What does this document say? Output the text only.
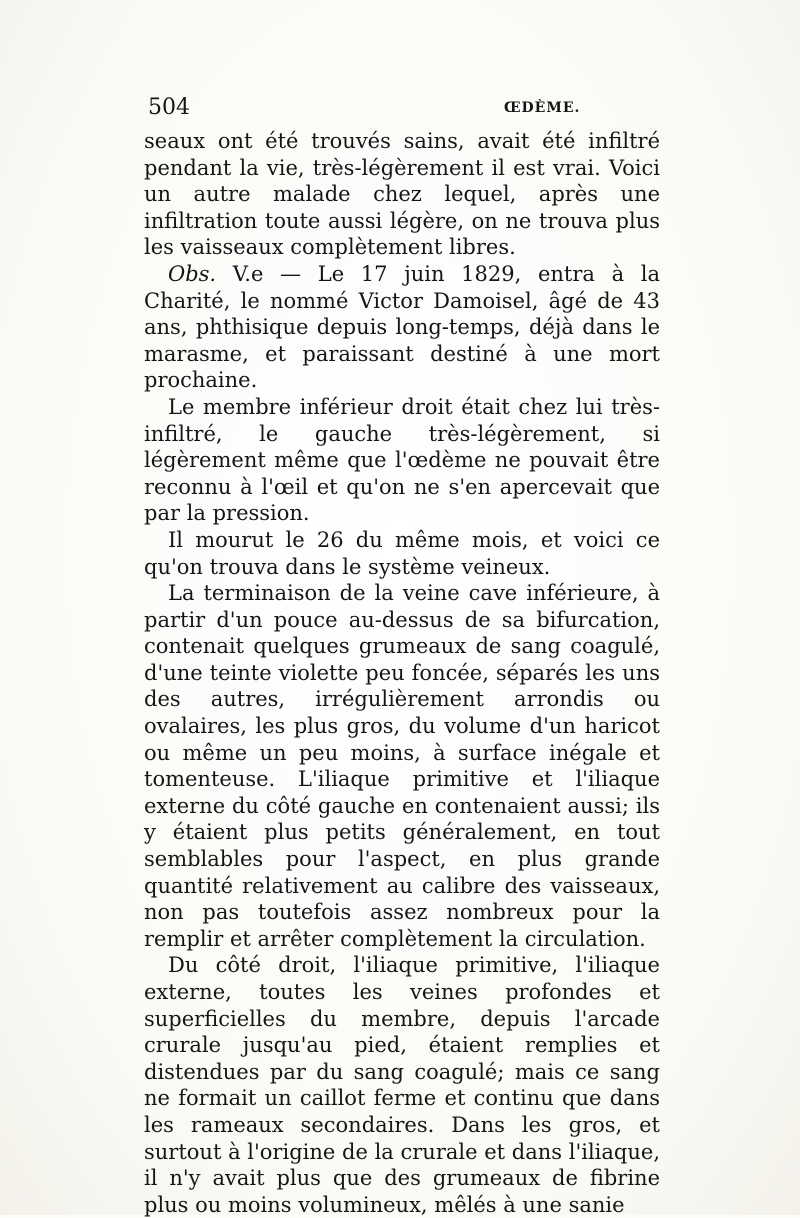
504	ŒDÈME.

seaux ont été trouvés sains, avait été infiltré pendant la vie, très-légèrement il est vrai. Voici un autre malade chez lequel, après une infiltration toute aussi légère, on ne trouva plus les vaisseaux complètement libres.

Obs. V.e — Le 17 juin 1829, entra à la Charité, le nommé Victor Damoisel, âgé de 43 ans, phthisique depuis long-temps, déjà dans le marasme, et paraissant destiné à une mort prochaine.

Le membre inférieur droit était chez lui très-infiltré, le gauche très-légèrement, si légèrement même que l'œdème ne pouvait être reconnu à l'œil et qu'on ne s'en apercevait que par la pression.

Il mourut le 26 du même mois, et voici ce qu'on trouva dans le système veineux.

La terminaison de la veine cave inférieure, à partir d'un pouce au-dessus de sa bifurcation, contenait quelques grumeaux de sang coagulé, d'une teinte violette peu foncée, séparés les uns des autres, irrégulièrement arrondis ou ovalaires, les plus gros, du volume d'un haricot ou même un peu moins, à surface inégale et tomenteuse. L'iliaque primitive et l'iliaque externe du côté gauche en contenaient aussi; ils y étaient plus petits généralement, en tout semblables pour l'aspect, en plus grande quantité relativement au calibre des vaisseaux, non pas toutefois assez nombreux pour la remplir et arrêter complètement la circulation.

Du côté droit, l'iliaque primitive, l'iliaque externe, toutes les veines profondes et superficielles du membre, depuis l'arcade crurale jusqu'au pied, étaient remplies et distendues par du sang coagulé; mais ce sang ne formait un caillot ferme et continu que dans les rameaux secondaires. Dans les gros, et surtout à l'origine de la crurale et dans l'iliaque, il n'y avait plus que des grumeaux de fibrine plus ou moins volumineux, mêlés à une sanie
